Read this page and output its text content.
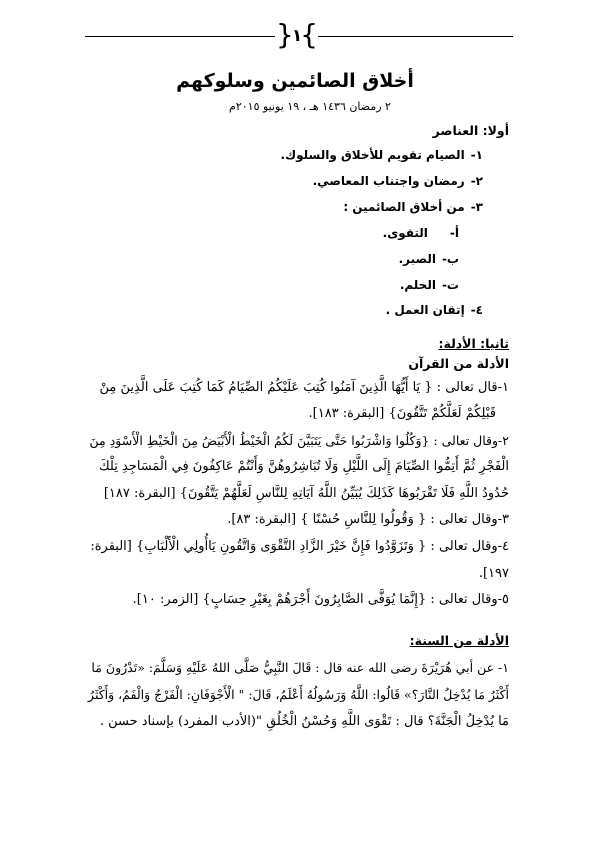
{
١
}
أخلاق الصائمين وسلوكهم
٢ رمضان ١٤٣٦ هـ ، ١٩ يونيو ٢٠١٥م
أولا: العناصر
١-الصيام تقويم للأخلاق والسلوك.
٢-رمضان واجتناب المعاصي.
٣-من أخلاق الصائمين :
أ-التقوى.
ب-الصبر.
ت-الحلم.
٤-إتقان العمل .
ثانيا: الأدلة:
الأدلة من القرآن
١-قال تعالى : { يَا أَيُّهَا الَّذِينَ آمَنُوا كُتِبَ عَلَيْكُمُ الصِّيَامُ كَمَا كُتِبَ عَلَى الَّذِينَ مِنْ
قَبْلِكُمْ لَعَلَّكُمْ تَتَّقُونَ} [البقرة: ١٨٣].
٢-وقال تعالى : {وَكُلُوا وَاشْرَبُوا حَتَّى يَتَبَيَّنَ لَكُمُ الْخَيْطُ الْأَبْيَضُ مِنَ الْخَيْطِ الْأَسْوَدِ مِنَ
الْفَجْرِ ثُمَّ أَتِمُّوا الصِّيَامَ إِلَى اللَّيْلِ وَلَا تُبَاشِرُوهُنَّ وَأَنْتُمْ عَاكِفُونَ فِي الْمَسَاجِدِ تِلْكَ
حُدُودُ اللَّهِ فَلَا تَقْرَبُوهَا كَذَلِكَ يُبَيِّنُ اللَّهُ آيَاتِهِ لِلنَّاسِ لَعَلَّهُمْ يَتَّقُونَ} [البقرة: ١٨٧]
٣-وقال تعالى : { وَقُولُوا لِلنَّاسِ حُسْنًا } [البقرة: ٨٣].
٤-وقال تعالى : { وَتَزَوَّدُوا فَإِنَّ خَيْرَ الزَّادِ التَّقْوَى وَاتَّقُونِ يَاأُولِي الْأَلْبَابِ} [البقرة:
١٩٧].
٥-وقال تعالى : {إِنَّمَا يُوَفَّى الصَّابِرُونَ أَجْرَهُمْ بِغَيْرِ حِسَابٍ} [الزمر: ١٠].
الأدلة من السنة:
١- عن أبي هُرَيْرَةَ رضى الله عنه قال : قَالَ النَّبِيُّ صَلَّى اللهُ عَلَيْهِ وَسَلَّمَ: «تَدْرُونَ مَا
أَكْثَرُ مَا يُدْخِلُ النَّارَ؟» قَالُوا: اللَّهُ وَرَسُولُهُ أَعْلَمُ، قَالَ: " الْأَجْوَفَانِ: الْفَرْجُ وَالْفَمُ، وَأَكْثَرُ
مَا يُدْخِلُ الْجَنَّةَ؟ قال : تَقْوَى اللَّهِ وَحُسْنُ الْخُلُقِ "(الأدب المفرد) بإسناد حسن .
